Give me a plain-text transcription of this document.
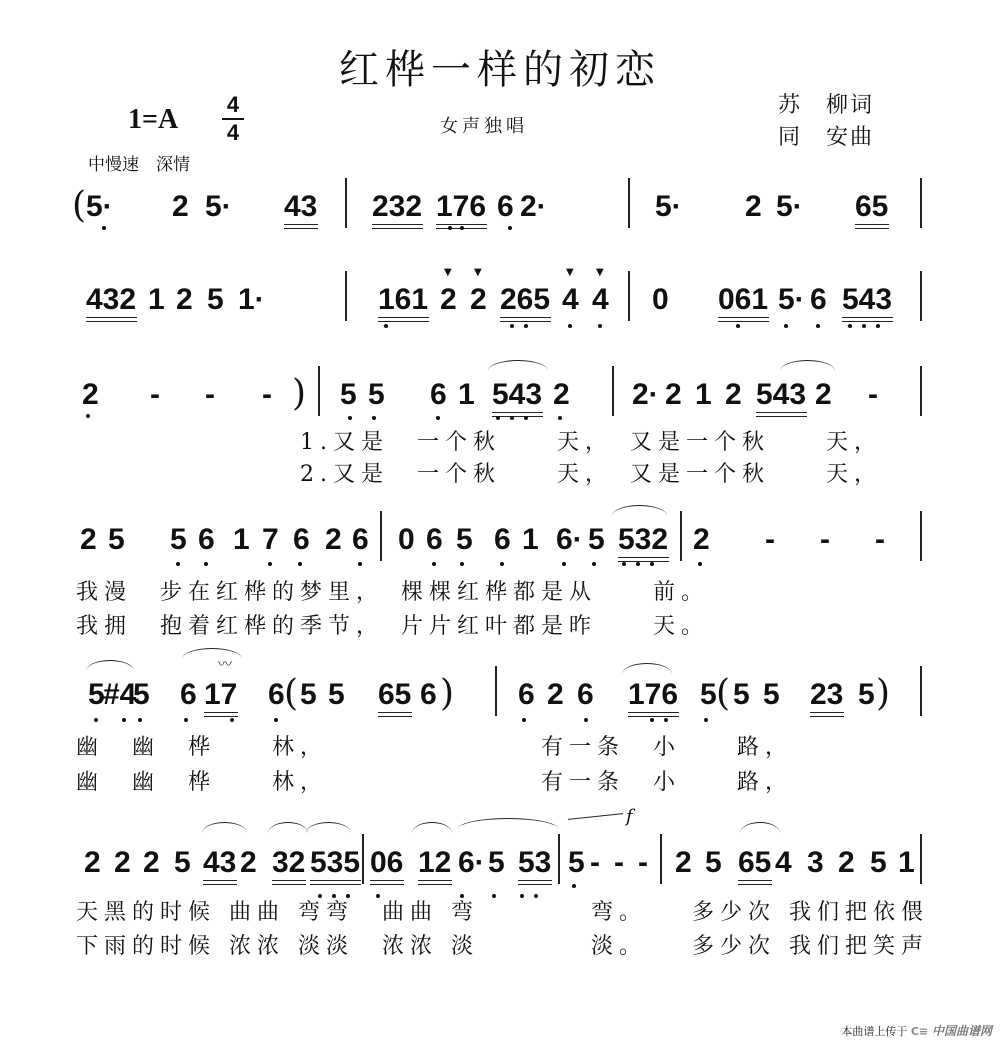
红桦一样的初恋
1=A 4
4	女声独唱
苏　柳词
同　安曲
中慢速　深情
( 5· 2 5· 43 232 176 6 2·	5· 2 5· 65
432 1 2 5 1·	161 2 2 265 4 4 0 061 5· 6 543
2 - - - ) 5 5 6 1 543 2 2· 2 1 2 543 2 -
1.又是　一个秋　　天，　又是一个秋　　天，
2.又是　一个秋　　天，　又是一个秋　　天，
2 5 5 6 1 7 6 2 6 0 6 5 6 1 6· 5 532 2 - - -
我漫　步在红桦的梦里，　棵棵红桦都是从　　前。
我拥　抱着红桦的季节，　片片红叶都是昨　　天。
5
#4
5 6 17 6 ( 5 5 65 6 ) 6 2 6 176 5 ( 5 5 23 5 )
幽　幽　桦　　林，　　　　　　　　有一条　小　　路，
幽　幽　桦　　林，　　　　　　　　有一条　小　　路，
2 2 2 5 43 2 32 535 06 12 6· 5 53 5 - - - 2 5 65 4 3 2 5 1
天黑的时候 曲曲 弯弯　曲曲 弯　　　　弯。　　多少次 我们把依偎
下雨的时候 浓浓 淡淡　浓浓 淡　　　　淡。　　多少次 我们把笑声
▼ ▼	▼ ▼
〰
f
本曲谱上传于 C≡ 中国曲谱网
